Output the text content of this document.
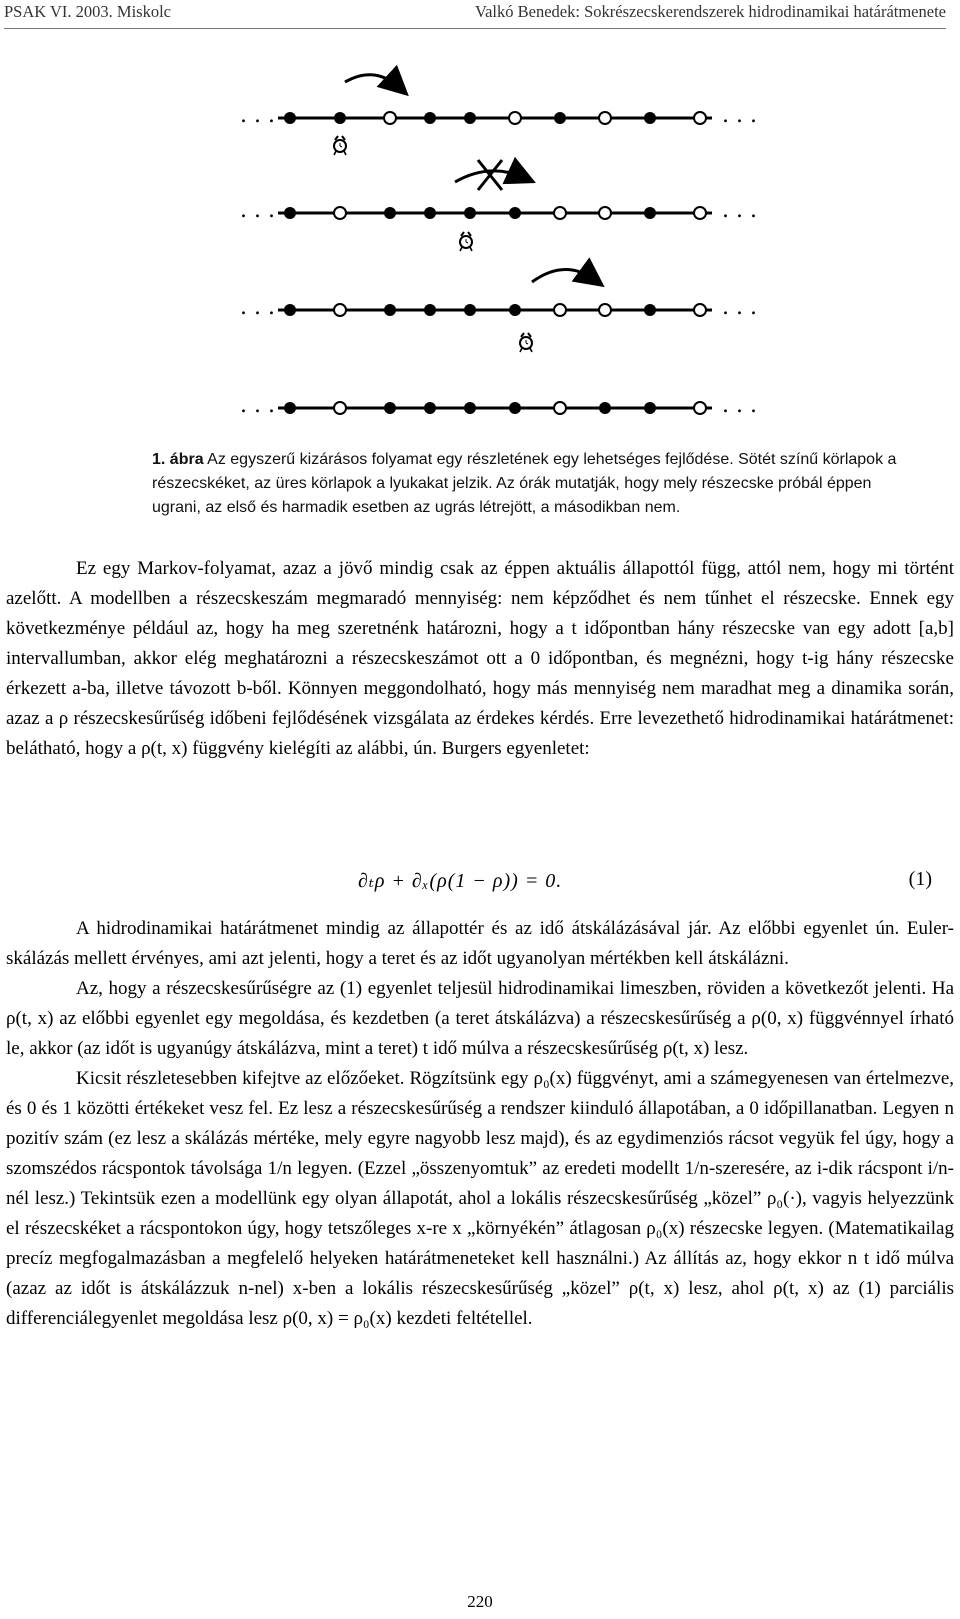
PSAK VI. 2003. Miskolc	Valkó Benedek: Sokrészecskerendszerek hidrodinamikai határátmenete
. . .	. . .
. . .	. . .
. . .	. . .
. . .	. . .
1. ábra Az egyszerű kizárásos folyamat egy részletének egy lehetséges fejlődése. Sötét színű körlapok a részecskéket, az üres körlapok a lyukakat jelzik. Az órák mutatják, hogy mely részecske próbál éppen ugrani, az első és harmadik esetben az ugrás létrejött, a másodikban nem.

Ez egy Markov-folyamat, azaz a jövő mindig csak az éppen aktuális állapottól függ, attól nem, hogy mi történt azelőtt. A modellben a részecskeszám megmaradó mennyiség: nem képződhet és nem tűnhet el részecske. Ennek egy következménye például az, hogy ha meg szeretnénk határozni, hogy a t időpontban hány részecske van egy adott [a,b] intervallumban, akkor elég meghatározni a részecskeszámot ott a 0 időpontban, és megnézni, hogy t-ig hány részecske érkezett a-ba, illetve távozott b-ből. Könnyen meggondolható, hogy más mennyiség nem maradhat meg a dinamika során, azaz a ρ részecskesűrűség időbeni fejlődésének vizsgálata az érdekes kérdés. Erre levezethető hidrodinamikai határátmenet: belátható, hogy a ρ(t, x) függvény kielégíti az alábbi, ún. Burgers egyenletet:

∂ₜρ + ∂ₓ(ρ(1 − ρ)) = 0.	(1)

A hidrodinamikai határátmenet mindig az állapottér és az idő átskálázásával jár. Az előbbi egyenlet ún. Euler-skálázás mellett érvényes, ami azt jelenti, hogy a teret és az időt ugyanolyan mértékben kell átskálázni.

Az, hogy a részecskesűrűségre az (1) egyenlet teljesül hidrodinamikai limeszben, röviden a következőt jelenti. Ha ρ(t, x) az előbbi egyenlet egy megoldása, és kezdetben (a teret átskálázva) a részecskesűrűség a ρ(0, x) függvénnyel írható le, akkor (az időt is ugyanúgy átskálázva, mint a teret) t idő múlva a részecskesűrűség ρ(t, x) lesz.

Kicsit részletesebben kifejtve az előzőeket. Rögzítsünk egy ρ₀(x) függvényt, ami a számegyenesen van értelmezve, és 0 és 1 közötti értékeket vesz fel. Ez lesz a részecskesűrűség a rendszer kiinduló állapotában, a 0 időpillanatban. Legyen n pozitív szám (ez lesz a skálázás mértéke, mely egyre nagyobb lesz majd), és az egydimenziós rácsot vegyük fel úgy, hogy a szomszédos rácspontok távolsága 1/n legyen. (Ezzel „összenyomtuk” az eredeti modellt 1/n-szeresére, az i-dik rácspont i/n-nél lesz.) Tekintsük ezen a modellünk egy olyan állapotát, ahol a lokális részecskesűrűség „közel” ρ₀(·), vagyis helyezzünk el részecskéket a rácspontokon úgy, hogy tetszőleges x-re x „környékén” átlagosan ρ₀(x) részecske legyen. (Matematikailag precíz megfogalmazásban a megfelelő helyeken határátmeneteket kell használni.) Az állítás az, hogy ekkor n t idő múlva (azaz az időt is átskálázzuk n-nel) x-ben a lokális részecskesűrűség „közel” ρ(t, x) lesz, ahol ρ(t, x) az (1) parciális differenciálegyenlet megoldása lesz ρ(0, x) = ρ₀(x) kezdeti feltétellel.

220
